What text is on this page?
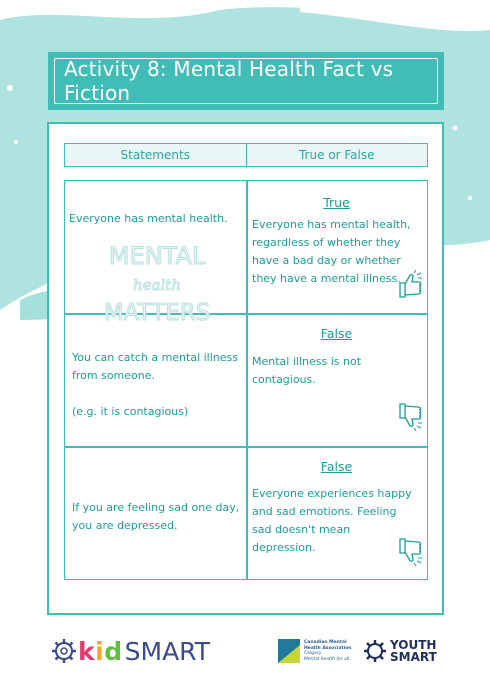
Activity 8: Mental Health Fact vs Fiction
Statements	True or False
Everyone has mental health.
MENTAL
health
MATTERS
True
Everyone has mental health, regardless of whether they have a bad day or whether they have a mental illness.
You can catch a mental illness from someone.
(e.g. it is contagious)
False
Mental illness is not contagious.
If you are feeling sad one day, you are depressed.
False
Everyone experiences happy and sad emotions. Feeling sad doesn't mean depression.
kid SMART	Canadian Mental
Health Association
Calgary
Mental health for all
YOUTH
SMART
